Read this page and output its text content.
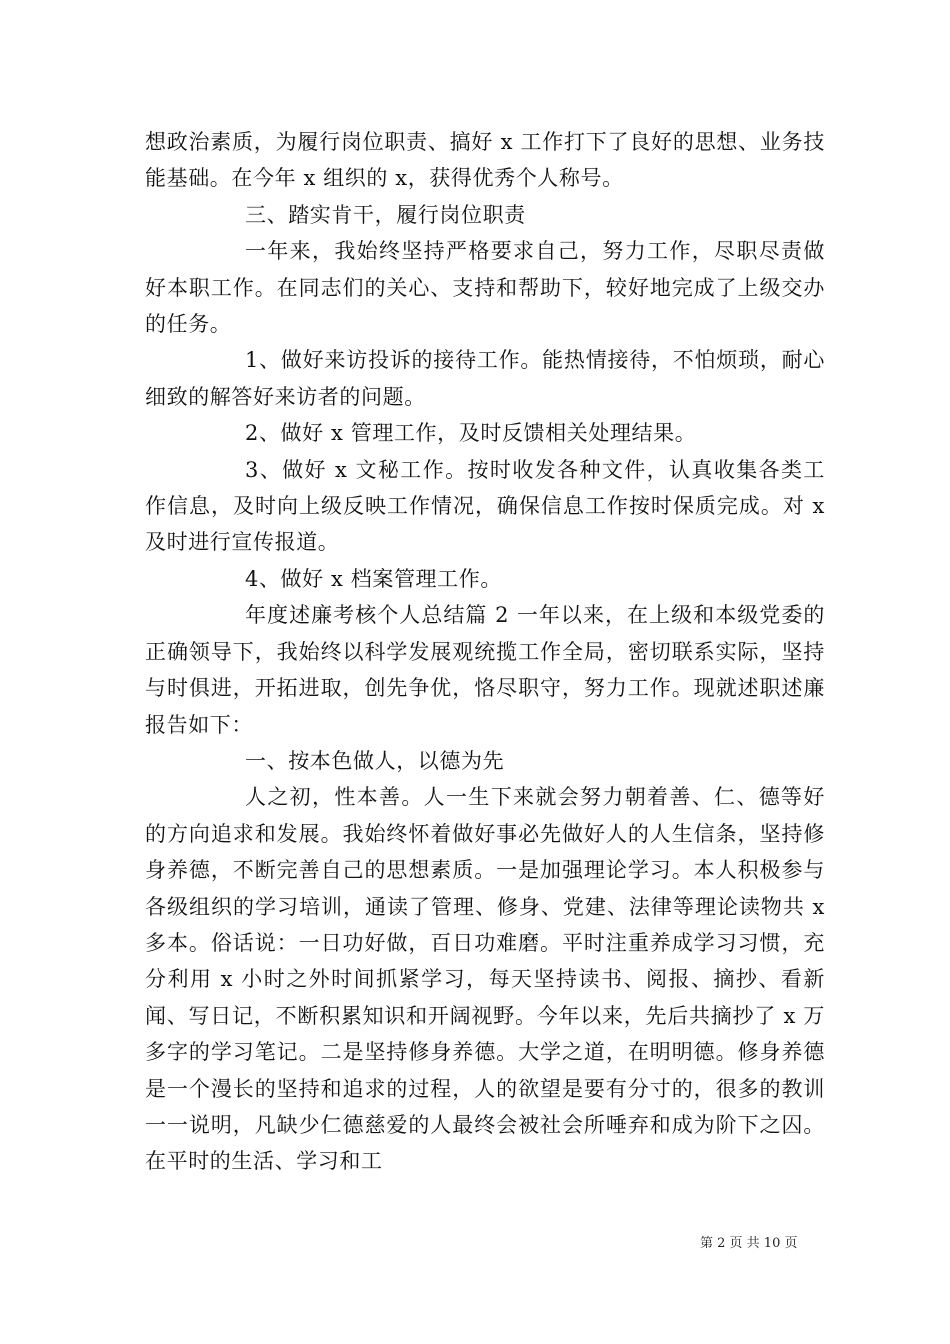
想政治素质，为履行岗位职责、搞好 x 工作打下了良好的思想、业务技能基础。在今年 x 组织的 x，获得优秀个人称号。

三、踏实肯干，履行岗位职责

一年来，我始终坚持严格要求自己，努力工作，尽职尽责做好本职工作。在同志们的关心、支持和帮助下，较好地完成了上级交办的任务。

1、做好来访投诉的接待工作。能热情接待，不怕烦琐，耐心细致的解答好来访者的问题。

2、做好 x 管理工作，及时反馈相关处理结果。

3、做好 x 文秘工作。按时收发各种文件，认真收集各类工作信息，及时向上级反映工作情况，确保信息工作按时保质完成。对 x 及时进行宣传报道。

4、做好 x 档案管理工作。

年度述廉考核个人总结篇 2 一年以来，在上级和本级党委的正确领导下，我始终以科学发展观统揽工作全局，密切联系实际，坚持与时俱进，开拓进取，创先争优，恪尽职守，努力工作。现就述职述廉报告如下：

一、按本色做人，以德为先

人之初，性本善。人一生下来就会努力朝着善、仁、德等好的方向追求和发展。我始终怀着做好事必先做好人的人生信条，坚持修身养德，不断完善自己的思想素质。一是加强理论学习。本人积极参与各级组织的学习培训，通读了管理、修身、党建、法律等理论读物共 x 多本。俗话说：一日功好做，百日功难磨。平时注重养成学习习惯，充分利用 x 小时之外时间抓紧学习，每天坚持读书、阅报、摘抄、看新闻、写日记，不断积累知识和开阔视野。今年以来，先后共摘抄了 x 万多字的学习笔记。二是坚持修身养德。大学之道，在明明德。修身养德是一个漫长的坚持和追求的过程，人的欲望是要有分寸的，很多的教训一一说明，凡缺少仁德慈爱的人最终会被社会所唾弃和成为阶下之囚。在平时的生活、学习和工

第 2 页 共 10 页
